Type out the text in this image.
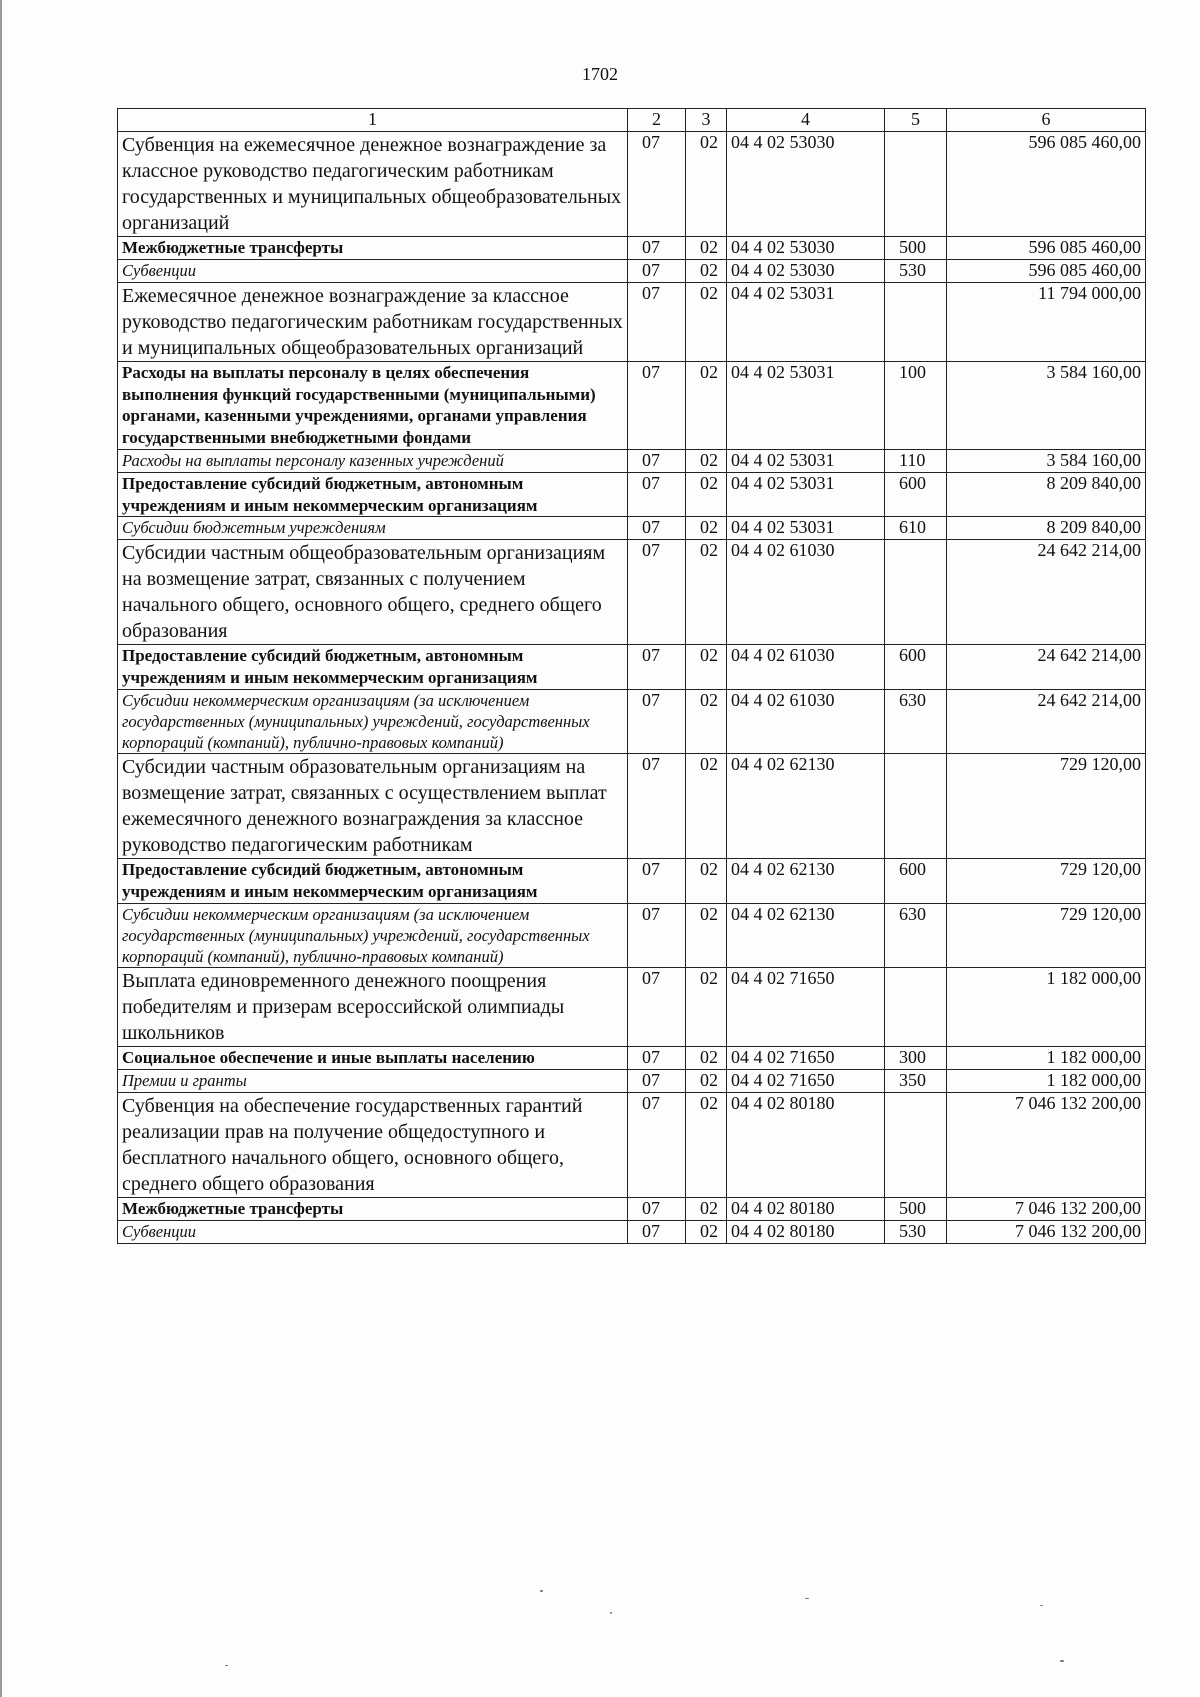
1702
1	2	3	4	5	6
Субвенция на ежемесячное денежное вознаграждение за классное руководство педагогическим работникам государственных и муниципальных общеобразовательных организаций	07	02	04 4 02 53030		596 085 460,00
Межбюджетные трансферты	07	02	04 4 02 53030	500	596 085 460,00
Субвенции	07	02	04 4 02 53030	530	596 085 460,00
Ежемесячное денежное вознаграждение за классное руководство педагогическим работникам государственных и муниципальных общеобразовательных организаций	07	02	04 4 02 53031		11 794 000,00
Расходы на выплаты персоналу в целях обеспечения выполнения функций государственными (муниципальными) органами, казенными учреждениями, органами управления государственными внебюджетными фондами	07	02	04 4 02 53031	100	3 584 160,00
Расходы на выплаты персоналу казенных учреждений	07	02	04 4 02 53031	110	3 584 160,00
Предоставление субсидий бюджетным, автономным учреждениям и иным некоммерческим организациям	07	02	04 4 02 53031	600	8 209 840,00
Субсидии бюджетным учреждениям	07	02	04 4 02 53031	610	8 209 840,00
Субсидии частным общеобразовательным организациям на возмещение затрат, связанных с получением начального общего, основного общего, среднего общего образования	07	02	04 4 02 61030		24 642 214,00
Предоставление субсидий бюджетным, автономным учреждениям и иным некоммерческим организациям	07	02	04 4 02 61030	600	24 642 214,00
Субсидии некоммерческим организациям (за исключением государственных (муниципальных) учреждений, государственных корпораций (компаний), публично-правовых компаний)	07	02	04 4 02 61030	630	24 642 214,00
Субсидии частным образовательным организациям на возмещение затрат, связанных с осуществлением выплат ежемесячного денежного вознаграждения за классное руководство педагогическим работникам	07	02	04 4 02 62130		729 120,00
Предоставление субсидий бюджетным, автономным учреждениям и иным некоммерческим организациям	07	02	04 4 02 62130	600	729 120,00
Субсидии некоммерческим организациям (за исключением государственных (муниципальных) учреждений, государственных корпораций (компаний), публично-правовых компаний)	07	02	04 4 02 62130	630	729 120,00
Выплата единовременного денежного поощрения победителям и призерам всероссийской олимпиады школьников	07	02	04 4 02 71650		1 182 000,00
Социальное обеспечение и иные выплаты населению	07	02	04 4 02 71650	300	1 182 000,00
Премии и гранты	07	02	04 4 02 71650	350	1 182 000,00
Субвенция на обеспечение государственных гарантий реализации прав на получение общедоступного и бесплатного начального общего, основного общего, среднего общего образования	07	02	04 4 02 80180		7 046 132 200,00
Межбюджетные трансферты	07	02	04 4 02 80180	500	7 046 132 200,00
Субвенции	07	02	04 4 02 80180	530	7 046 132 200,00
